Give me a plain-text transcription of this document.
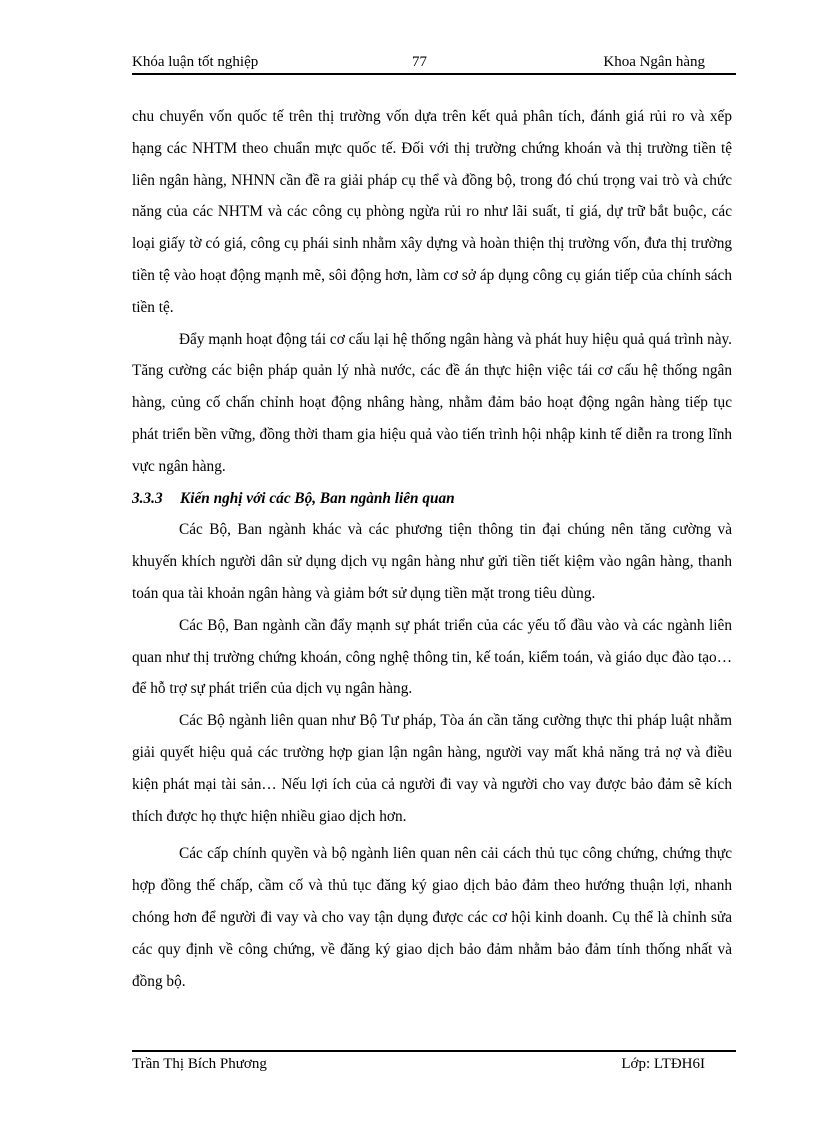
Khóa luận tốt nghiệp	77	Khoa Ngân hàng

chu chuyển vốn quốc tế trên thị trường vốn dựa trên kết quả phân tích, đánh giá rủi ro và xếp hạng các NHTM theo chuẩn mực quốc tế. Đối với thị trường chứng khoán và thị trường tiền tệ liên ngân hàng, NHNN cần đề ra giải pháp cụ thể và đồng bộ, trong đó chú trọng vai trò và chức năng của các NHTM và các công cụ phòng ngừa rủi ro như lãi suất, tỉ giá, dự trữ bắt buộc, các loại giấy tờ có giá, công cụ phái sinh nhằm xây dựng và hoàn thiện thị trường vốn, đưa thị trường tiền tệ vào hoạt động mạnh mẽ, sôi động hơn, làm cơ sở áp dụng công cụ gián tiếp của chính sách tiền tệ.

Đẩy mạnh hoạt động tái cơ cấu lại hệ thống ngân hàng và phát huy hiệu quả quá trình này. Tăng cường các biện pháp quản lý nhà nước, các đề án thực hiện việc tái cơ cấu hệ thống ngân hàng, củng cố chấn chỉnh hoạt động nhâng hàng, nhằm đảm bảo hoạt động ngân hàng tiếp tục phát triển bền vững, đồng thời tham gia hiệu quả vào tiến trình hội nhập kinh tế diễn ra trong lĩnh vực ngân hàng.

3.3.3 Kiến nghị với các Bộ, Ban ngành liên quan

Các Bộ, Ban ngành khác và các phương tiện thông tin đại chúng nên tăng cường và khuyến khích người dân sử dụng dịch vụ ngân hàng như gửi tiền tiết kiệm vào ngân hàng, thanh toán qua tài khoản ngân hàng và giảm bớt sử dụng tiền mặt trong tiêu dùng.

Các Bộ, Ban ngành cần đẩy mạnh sự phát triển của các yếu tố đầu vào và các ngành liên quan như thị trường chứng khoán, công nghệ thông tin, kế toán, kiểm toán, và giáo dục đào tạo… để hỗ trợ sự phát triển của dịch vụ ngân hàng.

Các Bộ ngành liên quan như Bộ Tư pháp, Tòa án cần tăng cường thực thi pháp luật nhằm giải quyết hiệu quả các trường hợp gian lận ngân hàng, người vay mất khả năng trả nợ và điều kiện phát mại tài sản… Nếu lợi ích của cả người đi vay và người cho vay được bảo đảm sẽ kích thích được họ thực hiện nhiều giao dịch hơn.

Các cấp chính quyền và bộ ngành liên quan nên cải cách thủ tục công chứng, chứng thực hợp đồng thế chấp, cầm cố và thủ tục đăng ký giao dịch bảo đảm theo hướng thuận lợi, nhanh chóng hơn để người đi vay và cho vay tận dụng được các cơ hội kinh doanh. Cụ thể là chỉnh sửa các quy định về công chứng, về đăng ký giao dịch bảo đảm nhằm bảo đảm tính thống nhất và đồng bộ.

Trần Thị Bích Phương	Lớp: LTĐH6I
